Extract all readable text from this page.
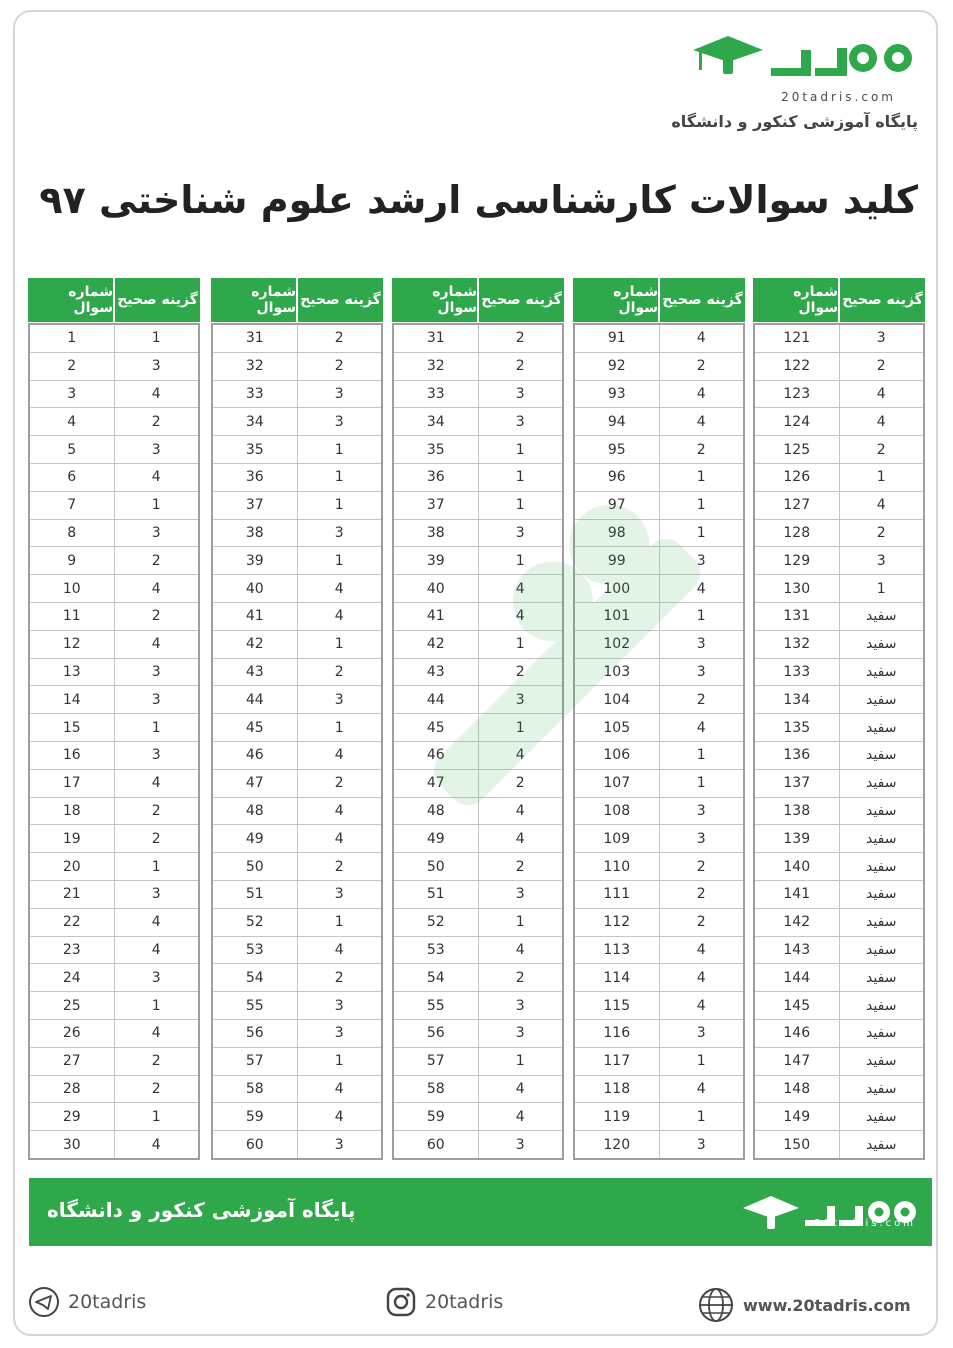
20tadris.com
پایگاه آموزشی کنکور و دانشگاه
کلید سوالات کارشناسی ارشد علوم شناختی ۹۷
شماره سوال گزینه صحیح
1	1
2	3
3	4
4	2
5	3
6	4
7	1
8	3
9	2
10	4
11	2
12	4
13	3
14	3
15	1
16	3
17	4
18	2
19	2
20	1
21	3
22	4
23	4
24	3
25	1
26	4
27	2
28	2
29	1
30	4
شماره سوال گزینه صحیح
31	2
32	2
33	3
34	3
35	1
36	1
37	1
38	3
39	1
40	4
41	4
42	1
43	2
44	3
45	1
46	4
47	2
48	4
49	4
50	2
51	3
52	1
53	4
54	2
55	3
56	3
57	1
58	4
59	4
60	3
شماره سوال گزینه صحیح
31	2
32	2
33	3
34	3
35	1
36	1
37	1
38	3
39	1
40	4
41	4
42	1
43	2
44	3
45	1
46	4
47	2
48	4
49	4
50	2
51	3
52	1
53	4
54	2
55	3
56	3
57	1
58	4
59	4
60	3
شماره سوال گزینه صحیح
91	4
92	2
93	4
94	4
95	2
96	1
97	1
98	1
99	3
100	4
101	1
102	3
103	3
104	2
105	4
106	1
107	1
108	3
109	3
110	2
111	2
112	2
113	4
114	4
115	4
116	3
117	1
118	4
119	1
120	3
شماره سوال گزینه صحیح
121	3
122	2
123	4
124	4
125	2
126	1
127	4
128	2
129	3
130	1
131	سفید
132	سفید
133	سفید
134	سفید
135	سفید
136	سفید
137	سفید
138	سفید
139	سفید
140	سفید
141	سفید
142	سفید
143	سفید
144	سفید
145	سفید
146	سفید
147	سفید
148	سفید
149	سفید
150	سفید
پایگاه آموزشی کنکور و دانشگاه
20tadris.com
20tadris	20tadris	www.20tadris.com
